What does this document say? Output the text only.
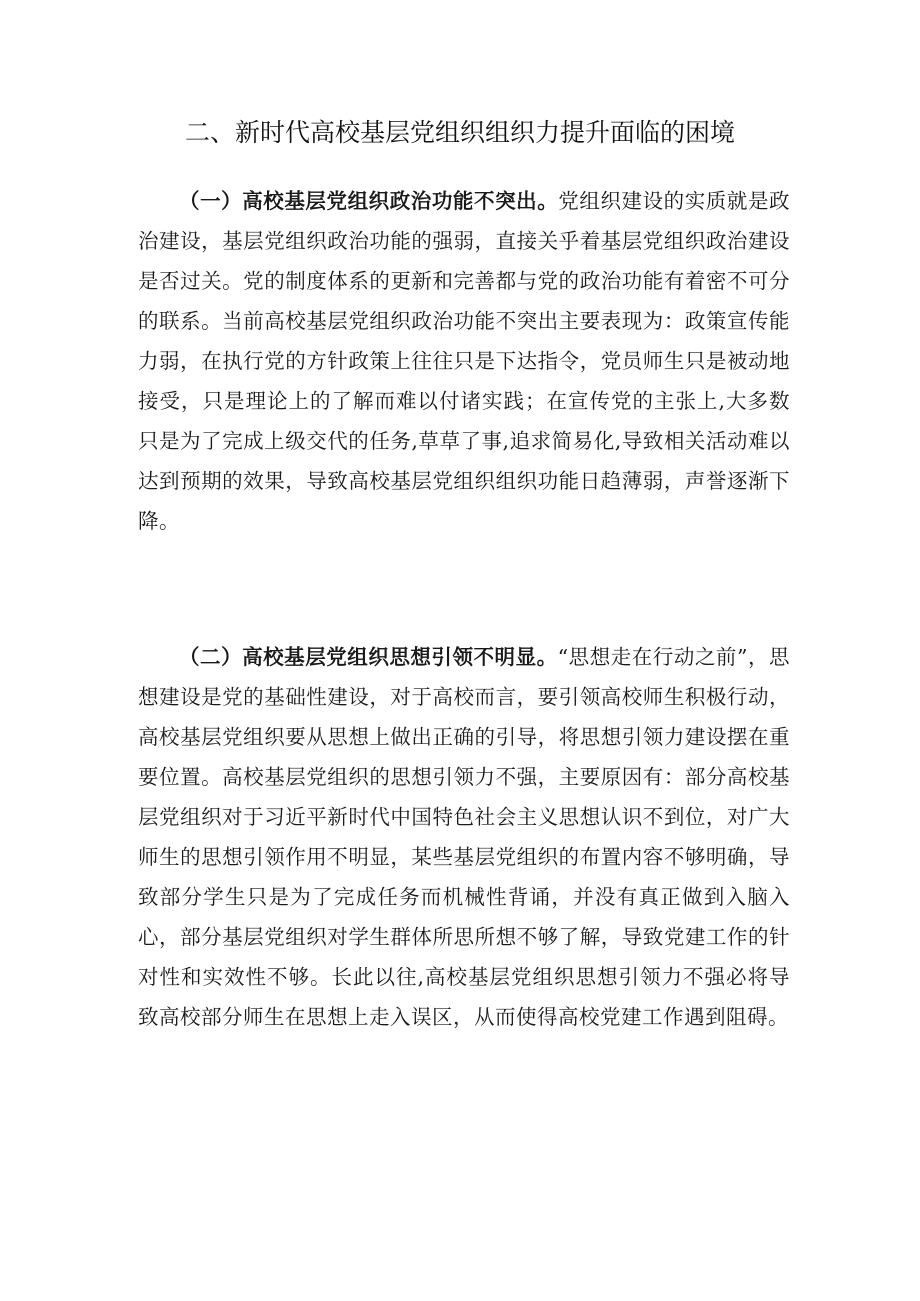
二、新时代高校基层党组织组织力提升面临的困境

（一）高校基层党组织政治功能不突出。党组织建设的实质就是政治建设，基层党组织政治功能的强弱，直接关乎着基层党组织政治建设是否过关。党的制度体系的更新和完善都与党的政治功能有着密不可分的联系。当前高校基层党组织政治功能不突出主要表现为：政策宣传能力弱，在执行党的方针政策上往往只是下达指令，党员师生只是被动地接受，只是理论上的了解而难以付诸实践；在宣传党的主张上,大多数只是为了完成上级交代的任务,草草了事,追求简易化,导致相关活动难以达到预期的效果，导致高校基层党组织组织功能日趋薄弱，声誉逐渐下降。

（二）高校基层党组织思想引领不明显。“思想走在行动之前”，思想建设是党的基础性建设，对于高校而言，要引领高校师生积极行动，高校基层党组织要从思想上做出正确的引导，将思想引领力建设摆在重要位置。高校基层党组织的思想引领力不强，主要原因有：部分高校基层党组织对于习近平新时代中国特色社会主义思想认识不到位，对广大师生的思想引领作用不明显，某些基层党组织的布置内容不够明确，导致部分学生只是为了完成任务而机械性背诵，并没有真正做到入脑入心，部分基层党组织对学生群体所思所想不够了解，导致党建工作的针对性和实效性不够。长此以往,高校基层党组织思想引领力不强必将导致高校部分师生在思想上走入误区，从而使得高校党建工作遇到阻碍。
